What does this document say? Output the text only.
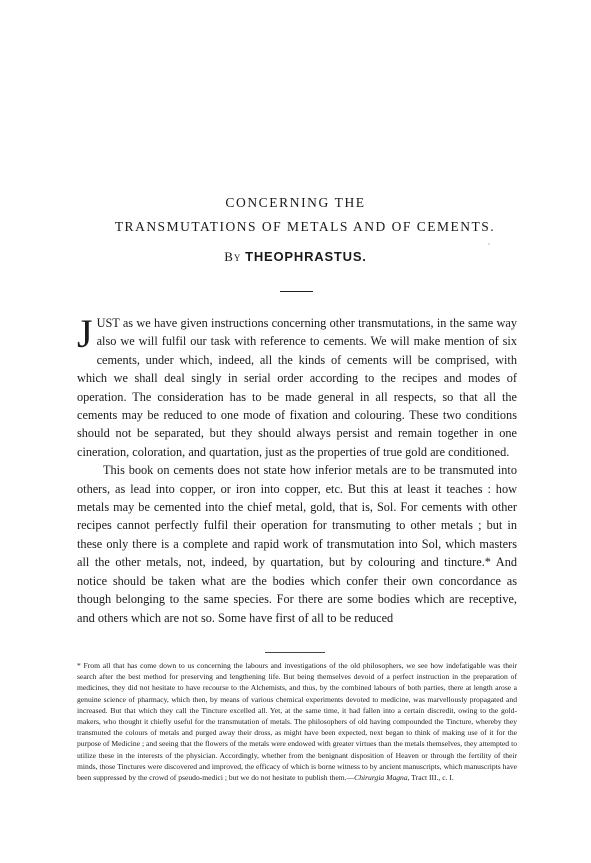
CONCERNING THE
TRANSMUTATIONS OF METALS AND OF CEMENTS.
"
By THEOPHRASTUS.

JUST as we have given instructions concerning other transmutations, in the same way also we will fulfil our task with reference to cements. We will make mention of six cements, under which, indeed, all the kinds of cements will be comprised, with which we shall deal singly in serial order according to the recipes and modes of operation. The consideration has to be made general in all respects, so that all the cements may be reduced to one mode of fixation and colouring. These two conditions should not be separated, but they should always persist and remain together in one cineration, coloration, and quartation, just as the properties of true gold are conditioned.

This book on cements does not state how inferior metals are to be transmuted into others, as lead into copper, or iron into copper, etc. But this at least it teaches : how metals may be cemented into the chief metal, gold, that is, Sol. For cements with other recipes cannot perfectly fulfil their operation for transmuting to other metals ; but in these only there is a complete and rapid work of transmutation into Sol, which masters all the other metals, not, indeed, by quartation, but by colouring and tincture.* And notice should be taken what are the bodies which confer their own concordance as though belonging to the same species. For there are some bodies which are receptive, and others which are not so. Some have first of all to be reduced

* From all that has come down to us concerning the labours and investigations of the old philosophers, we see how indefatigable was their search after the best method for preserving and lengthening life. But being themselves devoid of a perfect instruction in the preparation of medicines, they did not hesitate to have recourse to the Alchemists, and thus, by the combined labours of both parties, there at length arose a genuine science of pharmacy, which then, by means of various chemical experiments devoted to medicine, was marvellously propagated and increased. But that which they call the Tincture excelled all. Yet, at the same time, it had fallen into a certain discredit, owing to the gold-makers, who thought it chiefly useful for the transmutation of metals. The philosophers of old having compounded the Tincture, whereby they transmuted the colours of metals and purged away their dross, as might have been expected, next began to think of making use of it for the purpose of Medicine ; and seeing that the flowers of the metals were endowed with greater virtues than the metals themselves, they attempted to utilize these in the interests of the physician. Accordingly, whether from the benignant disposition of Heaven or through the fertility of their minds, those Tinctures were discovered and improved, the efficacy of which is borne witness to by ancient manuscripts, which manuscripts have been suppressed by the crowd of pseudo-medici ; but we do not hesitate to publish them.—Chirurgia Magna, Tract III., c. I.
